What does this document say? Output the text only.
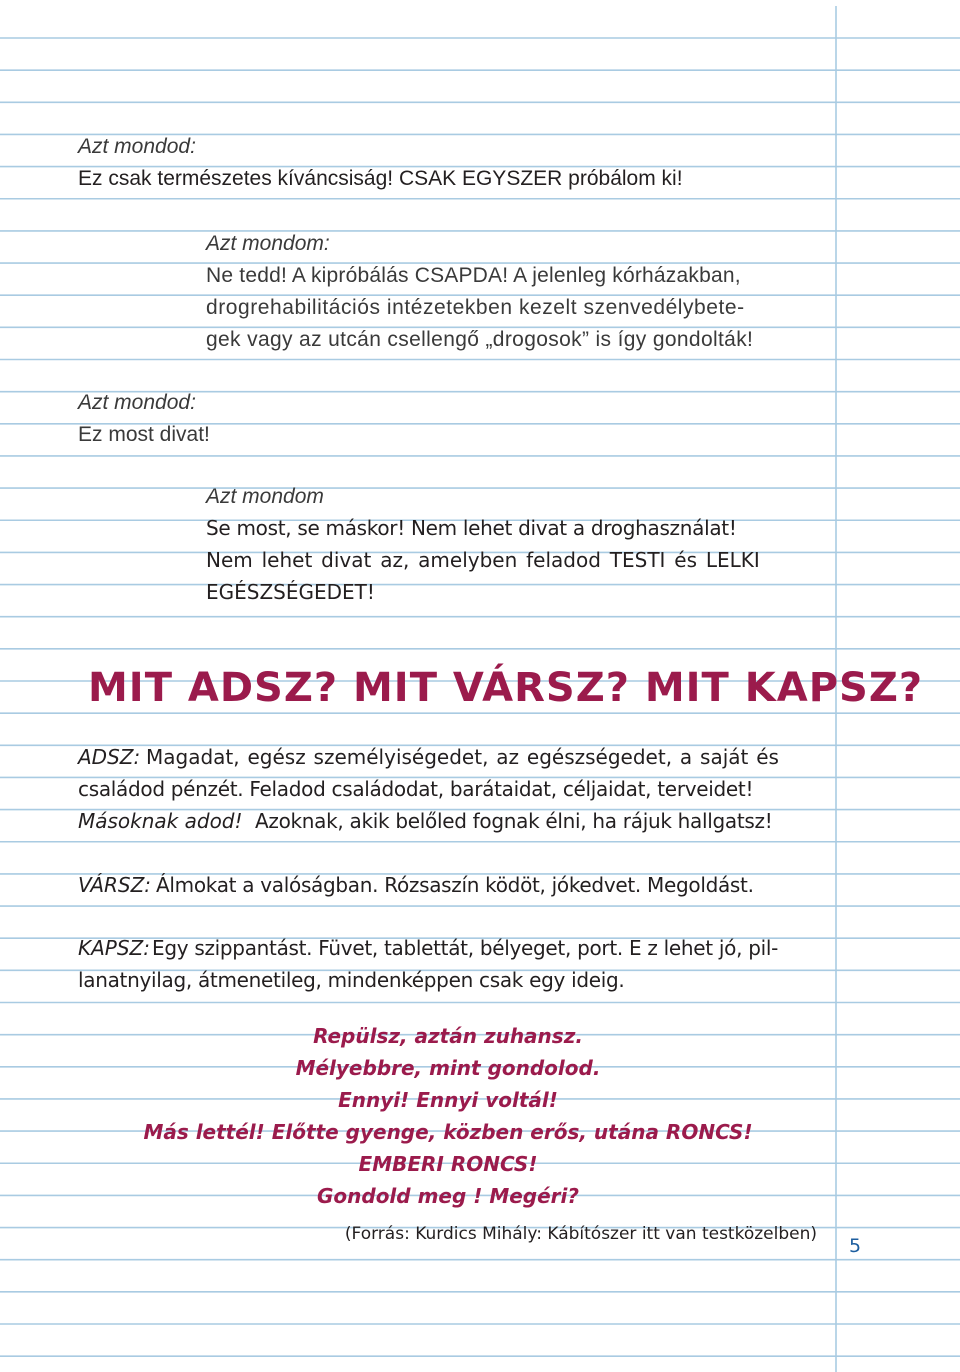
Azt mondod:
Ez csak természetes kíváncsiság! CSAK EGYSZER próbálom ki!
Azt mondom:
Ne tedd! A kipróbálás CSAPDA! A jelenleg kórházakban,
drogrehabilitációs intézetekben kezelt szenvedélybete-
gek vagy az utcán csellengő „drogosok” is így gondolták!
Azt mondod:
Ez most divat!
Azt mondom
Se most, se máskor! Nem lehet divat a droghasználat!
Nem lehet divat az, amelyben feladod TESTI és LELKI
EGÉSZSÉGEDET!
MIT ADSZ? MIT VÁRSZ? MIT KAPSZ?
ADSZ: Magadat, egész személyiségedet, az egészségedet, a saját és
családod pénzét. Feladod családodat, barátaidat, céljaidat, terveidet!
Másoknak adod! Azoknak, akik belőled fognak élni, ha rájuk hallgatsz!
VÁRSZ: Álmokat a valóságban. Rózsaszín ködöt, jókedvet. Megoldást.
KAPSZ: Egy szippantást. Füvet, tablettát, bélyeget, port. E z lehet jó, pil-
lanatnyilag, átmenetileg, mindenképpen csak egy ideig.
Repülsz, aztán zuhansz.
Mélyebbre, mint gondolod.
Ennyi! Ennyi voltál!
Más lettél! Előtte gyenge, közben erős, utána RONCS!
EMBERI RONCS!
Gondold meg ! Megéri?
(Forrás: Kurdics Mihály: Kábítószer itt van testközelben)
5
